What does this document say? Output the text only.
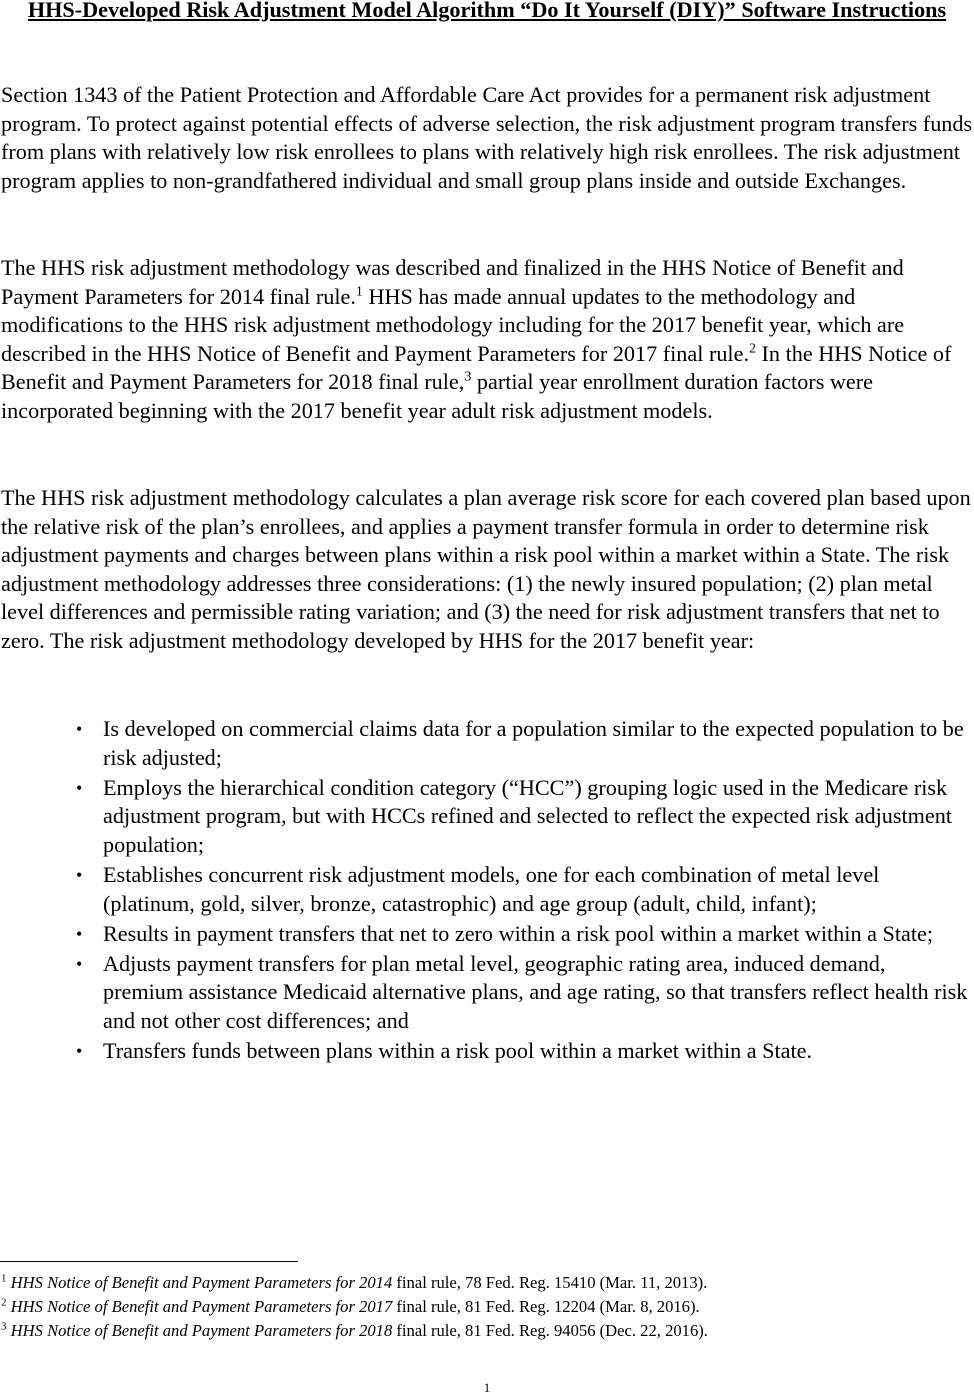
HHS-Developed Risk Adjustment Model Algorithm “Do It Yourself (DIY)” Software Instructions

Section 1343 of the Patient Protection and Affordable Care Act provides for a permanent risk adjustment program. To protect against potential effects of adverse selection, the risk adjustment program transfers funds from plans with relatively low risk enrollees to plans with relatively high risk enrollees. The risk adjustment program applies to non-grandfathered individual and small group plans inside and outside Exchanges.

The HHS risk adjustment methodology was described and finalized in the HHS Notice of Benefit and Payment Parameters for 2014 final rule.$^1$ HHS has made annual updates to the methodology and modifications to the HHS risk adjustment methodology including for the 2017 benefit year, which are described in the HHS Notice of Benefit and Payment Parameters for 2017 final rule.$^2$ In the HHS Notice of Benefit and Payment Parameters for 2018 final rule,$^3$ partial year enrollment duration factors were incorporated beginning with the 2017 benefit year adult risk adjustment models.

The HHS risk adjustment methodology calculates a plan average risk score for each covered plan based upon the relative risk of the plan’s enrollees, and applies a payment transfer formula in order to determine risk adjustment payments and charges between plans within a risk pool within a market within a State. The risk adjustment methodology addresses three considerations: (1) the newly insured population; (2) plan metal level differences and permissible rating variation; and (3) the need for risk adjustment transfers that net to zero. The risk adjustment methodology developed by HHS for the 2017 benefit year:

• Is developed on commercial claims data for a population similar to the expected population to be risk adjusted;
• Employs the hierarchical condition category (“HCC”) grouping logic used in the Medicare risk adjustment program, but with HCCs refined and selected to reflect the expected risk adjustment population;
• Establishes concurrent risk adjustment models, one for each combination of metal level (platinum, gold, silver, bronze, catastrophic) and age group (adult, child, infant);
• Results in payment transfers that net to zero within a risk pool within a market within a State;
• Adjusts payment transfers for plan metal level, geographic rating area, induced demand, premium assistance Medicaid alternative plans, and age rating, so that transfers reflect health risk and not other cost differences; and
• Transfers funds between plans within a risk pool within a market within a State.
$^1$ HHS Notice of Benefit and Payment Parameters for 2014 final rule, 78 Fed. Reg. 15410 (Mar. 11, 2013).
$^2$ HHS Notice of Benefit and Payment Parameters for 2017 final rule, 81 Fed. Reg. 12204 (Mar. 8, 2016).
$^3$ HHS Notice of Benefit and Payment Parameters for 2018 final rule, 81 Fed. Reg. 94056 (Dec. 22, 2016).
1
